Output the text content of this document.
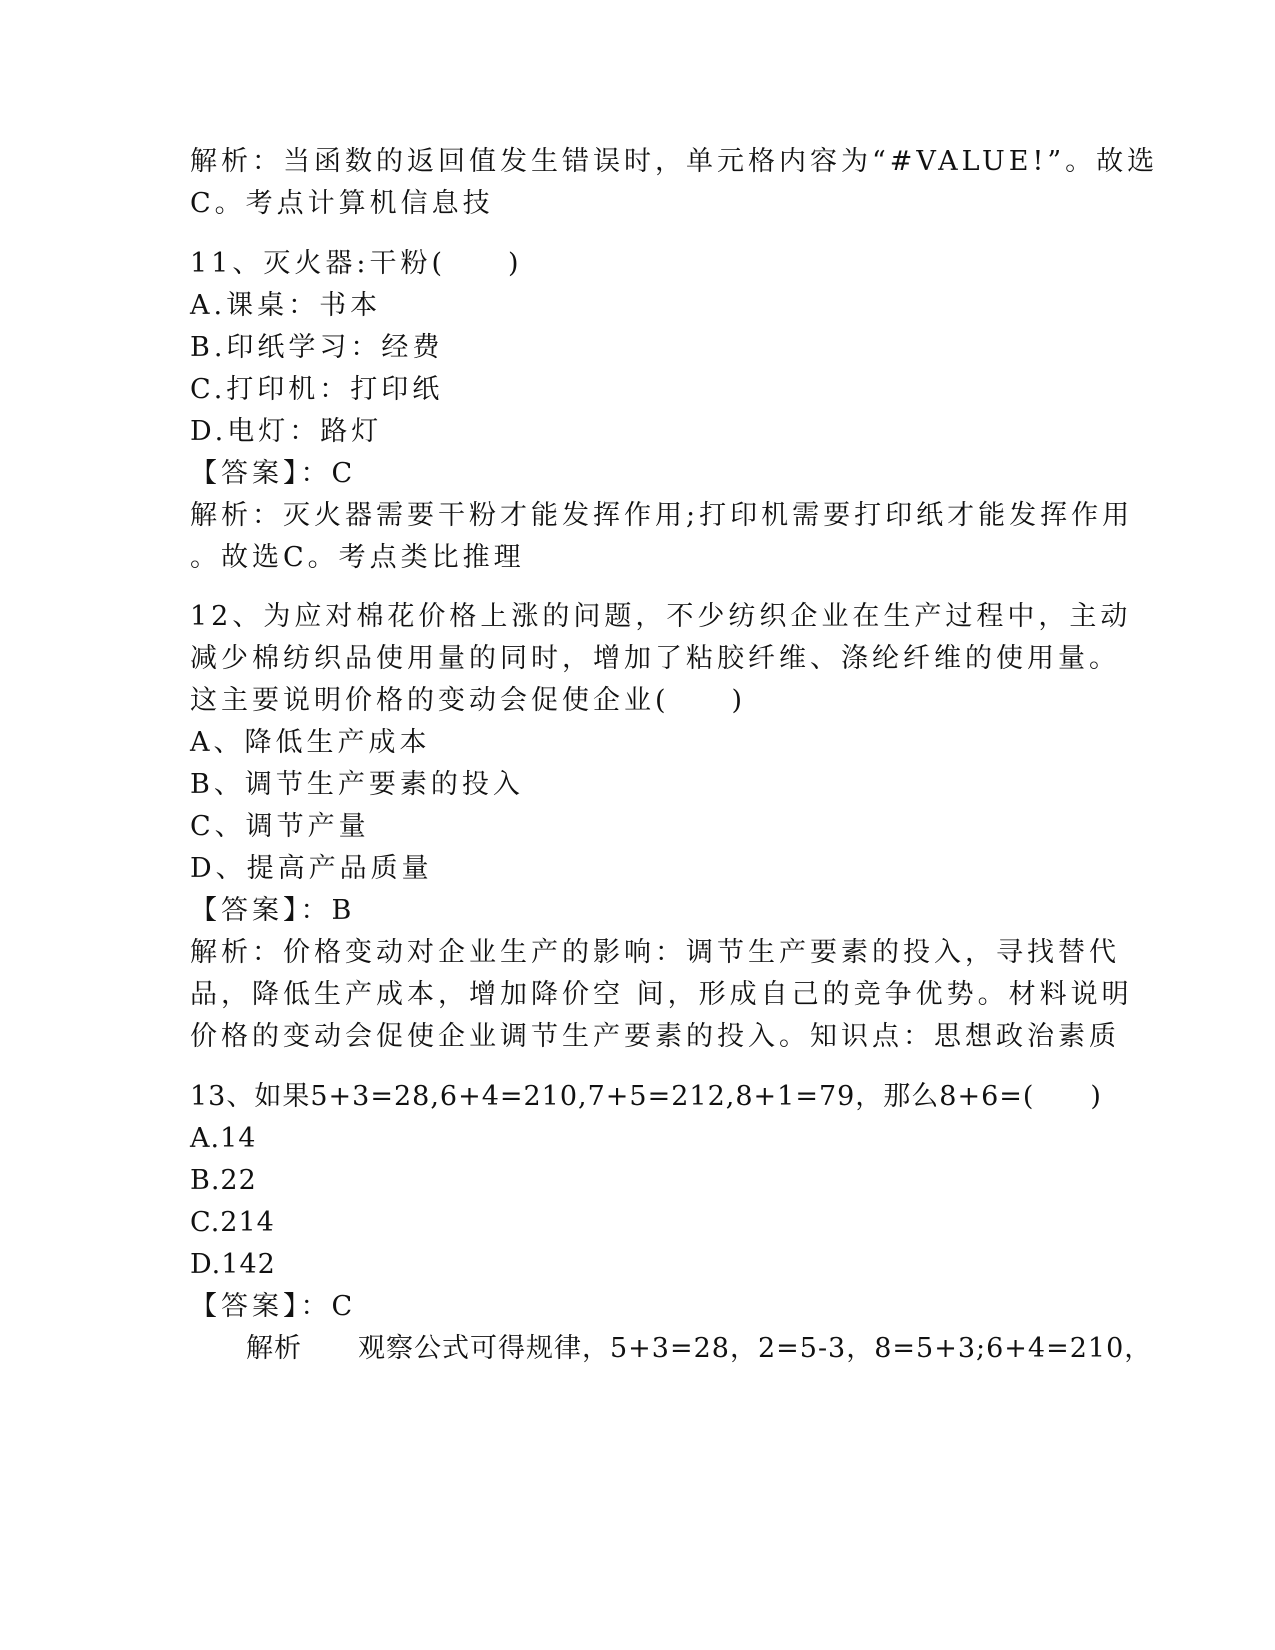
解析：当函数的返回值发生错误时，单元格内容为“#VALUE!”。故选
C。考点计算机信息技
11、灭火器:干粉(　　)
A.课桌：书本
B.印纸学习：经费
C.打印机：打印纸
D.电灯：路灯
【答案】：C
解析：灭火器需要干粉才能发挥作用;打印机需要打印纸才能发挥作用
。故选C。考点类比推理
12、为应对棉花价格上涨的问题，不少纺织企业在生产过程中，主动
减少棉纺织品使用量的同时，增加了粘胶纤维、涤纶纤维的使用量。
这主要说明价格的变动会促使企业(　　)
A、降低生产成本
B、调节生产要素的投入
C、调节产量
D、提高产品质量
【答案】：B
解析：价格变动对企业生产的影响：调节生产要素的投入，寻找替代
品，降低生产成本，增加降价空 间，形成自己的竞争优势。材料说明
价格的变动会促使企业调节生产要素的投入。知识点：思想政治素质
13、如果5+3=28,6+4=210,7+5=212,8+1=79，那么8+6=(　　)
A.14
B.22
C.214
D.142
【答案】：C
解析　　观察公式可得规律，5+3=28，2=5-3，8=5+3;6+4=210，
